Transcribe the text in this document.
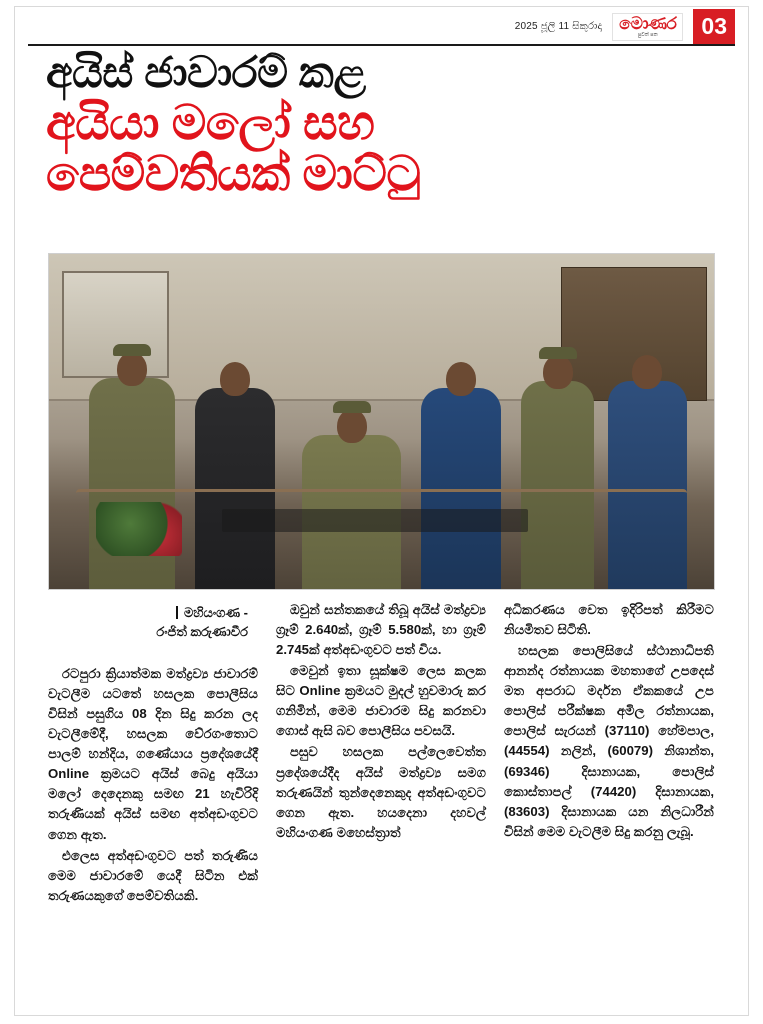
2025 ජූලි 11 සිකුරාදා මොණර
පුවත් පත	03
අයිස් ජාවාරම් කළ
අයියා මලෝ සහ
පෙම්වතියක් මාට්ටු
මහියංගණ -
රංජිත් කරුණාවීර

රටපුරා ක්‍රියාත්මක මත්ද්‍රව්‍ය ජාවාරම් වැටලීම යටතේ හසලක පොලීසිය විසින් පසුගිය 08 දින සිදු කරන ලද වැටලීමේදී, හසලක වේරගංතොට පාලම් හන්දිය, ගණේයාය ප්‍රදේශයේදී Online ක්‍රමයට අයිස් බෙදු අයියා මලෝ දෙදෙනකු සමඟ 21 හැවිරිදි තරුණියක් අයිස් සමඟ අත්අඩංගුවට ගෙන ඇත.

එලෙස අත්අඩංගුවට පත් තරුණිය මෙම ජාවාරමේ යෙදී සිටින එක් තරුණයකුගේ පෙම්වතියකි.

ඔවුන් සන්තකයේ තිබූ අයිස් මත්ද්‍රව්‍ය ග්‍රෑම් 2.640ක්, ග්‍රෑම් 5.580ක්, හා ග්‍රෑම් 2.745ක් අත්අඩංගුවට පත් විය.

මෙවුන් ඉතා සූක්ෂම ලෙස කලක සිට Online ක්‍රමයට මුදල් හුවමාරු කර ගනිමින්, මෙම ජාවාරම සිදු කරනවා ගොස් ඇසි බව පොලීසිය පවසයි.

පසුව හසලක පල්ලෙවෙත්ත ප්‍රදේශයේදීද අයිස් මත්ද්‍රව්‍ය සමග තරුණයින් තුන්දෙනෙකුද අත්අඩංගුවට ගෙන ඇත. හයදෙනා දහවල් මහියංගණ මහෙස්ත්‍රාත්

අධිකරණය වෙත ඉදිරිපත් කිරීමට නියමිතව සිටිති.

හසලක පොලිසියේ ස්ථානාධිපති ආනන්ද රත්නායක මහතාගේ උපදෙස් මත අපරාධ මර්දන ඒකකයේ උප පොලිස් පරීක්ෂක අමිල රත්නායක, පොලිස් සැරයන් (37110) හේමපාල, (44554) නලින්, (60079) නිශාන්ත, (69346) දිසානායක, පොලිස් කොස්තාපල් (74420) දිසානායක, (83603) දිසානායක යන නිලධාරීන් විසින් මෙම වැටලීම සිදු කරනු ලැබූ.
